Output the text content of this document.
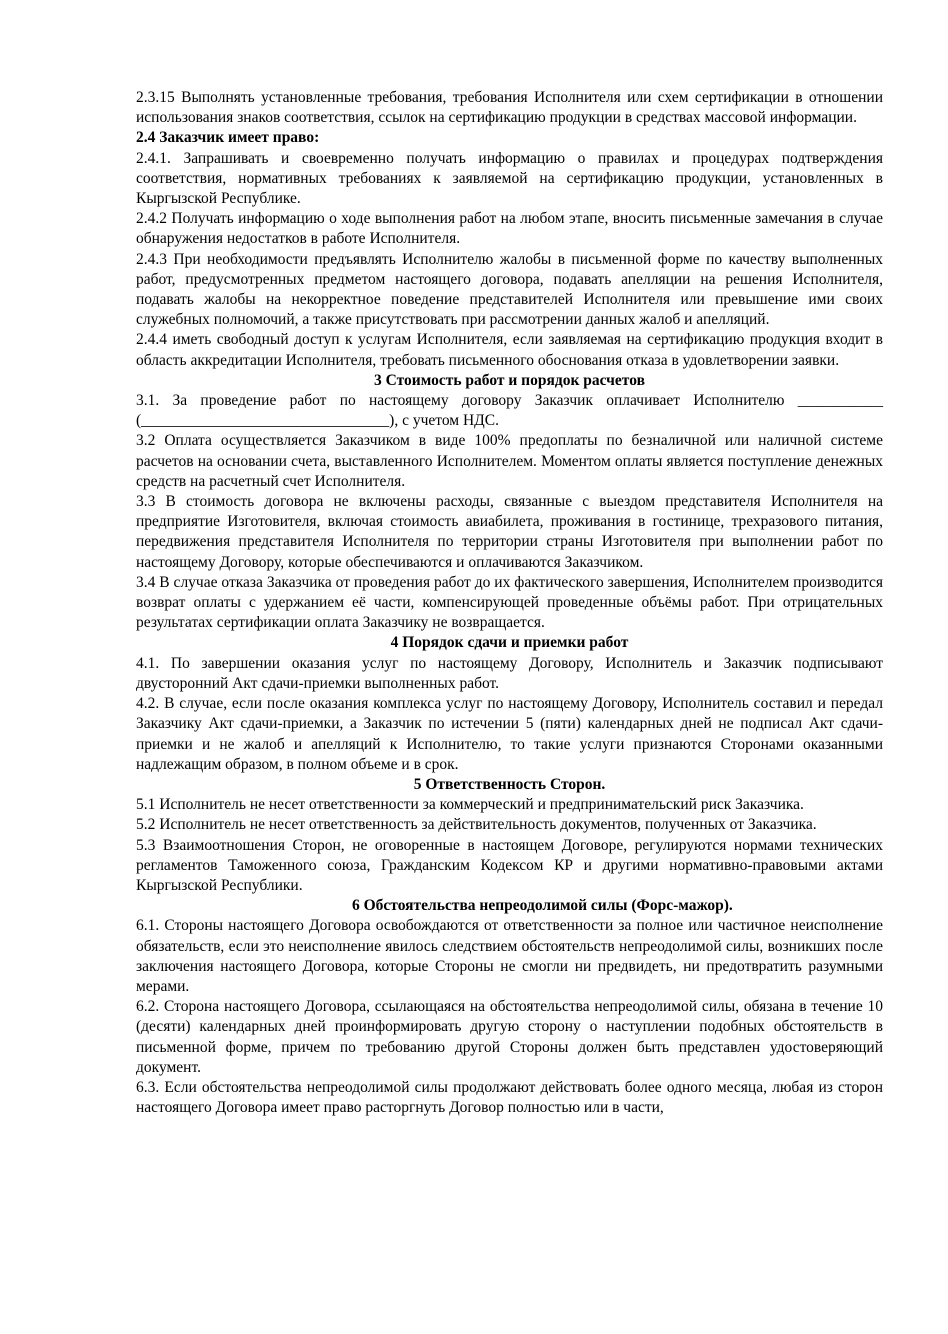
2.3.15 Выполнять установленные требования, требования Исполнителя или схем сертификации в отношении использования знаков соответствия, ссылок на сертификацию продукции в средствах массовой информации.

2.4 Заказчик имеет право:

2.4.1. Запрашивать и своевременно получать информацию о правилах и процедурах подтверждения соответствия, нормативных требованиях к заявляемой на сертификацию продукции, установленных в Кыргызской Республике.

2.4.2 Получать информацию о ходе выполнения работ на любом этапе, вносить письменные замечания в случае обнаружения недостатков в работе Исполнителя.

2.4.3 При необходимости предъявлять Исполнителю жалобы в письменной форме по качеству выполненных работ, предусмотренных предметом настоящего договора, подавать апелляции на решения Исполнителя, подавать жалобы на некорректное поведение представителей Исполнителя или превышение ими своих служебных полномочий, а также присутствовать при рассмотрении данных жалоб и апелляций.

2.4.4 иметь свободный доступ к услугам Исполнителя, если заявляемая на сертификацию продукция входит в область аккредитации Исполнителя, требовать письменного обоснования отказа в удовлетворении заявки.

3 Стоимость работ и порядок расчетов

3.1. За проведение работ по настоящему договору Заказчик оплачивает Исполнителю ___________ (________________________________), с учетом НДС.

3.2 Оплата осуществляется Заказчиком в виде 100% предоплаты по безналичной или наличной системе расчетов на основании счета, выставленного Исполнителем. Моментом оплаты является поступление денежных средств на расчетный счет Исполнителя.

3.3 В стоимость договора не включены расходы, связанные с выездом представителя Исполнителя на предприятие Изготовителя, включая стоимость авиабилета, проживания в гостинице, трехразового питания, передвижения представителя Исполнителя по территории страны Изготовителя при выполнении работ по настоящему Договору, которые обеспечиваются и оплачиваются Заказчиком.

3.4 В случае отказа Заказчика от проведения работ до их фактического завершения, Исполнителем производится возврат оплаты с удержанием её части, компенсирующей проведенные объёмы работ. При отрицательных результатах сертификации оплата Заказчику не возвращается.

4 Порядок сдачи и приемки работ

4.1. По завершении оказания услуг по настоящему Договору, Исполнитель и Заказчик подписывают двусторонний Акт сдачи-приемки выполненных работ.

4.2. В случае, если после оказания комплекса услуг по настоящему Договору, Исполнитель составил и передал Заказчику Акт сдачи-приемки, а Заказчик по истечении 5 (пяти) календарных дней не подписал Акт сдачи-приемки и не жалоб и апелляций к Исполнителю, то такие услуги признаются Сторонами оказанными надлежащим образом, в полном объеме и в срок.

5 Ответственность Сторон.

5.1 Исполнитель не несет ответственности за коммерческий и предпринимательский риск Заказчика.

5.2 Исполнитель не несет ответственность за действительность документов, полученных от Заказчика.

5.3 Взаимоотношения Сторон, не оговоренные в настоящем Договоре, регулируются нормами технических регламентов Таможенного союза, Гражданским Кодексом КР и другими нормативно-правовыми актами Кыргызской Республики.

6 Обстоятельства непреодолимой силы (Форс-мажор).

6.1. Стороны настоящего Договора освобождаются от ответственности за полное или частичное неисполнение обязательств, если это неисполнение явилось следствием обстоятельств непреодолимой силы, возникших после заключения настоящего Договора, которые Стороны не смогли ни предвидеть, ни предотвратить разумными мерами.

6.2. Сторона настоящего Договора, ссылающаяся на обстоятельства непреодолимой силы, обязана в течение 10 (десяти) календарных дней проинформировать другую сторону о наступлении подобных обстоятельств в письменной форме, причем по требованию другой Стороны должен быть представлен удостоверяющий документ.

6.3. Если обстоятельства непреодолимой силы продолжают действовать более одного месяца, любая из сторон настоящего Договора имеет право расторгнуть Договор полностью или в части,
